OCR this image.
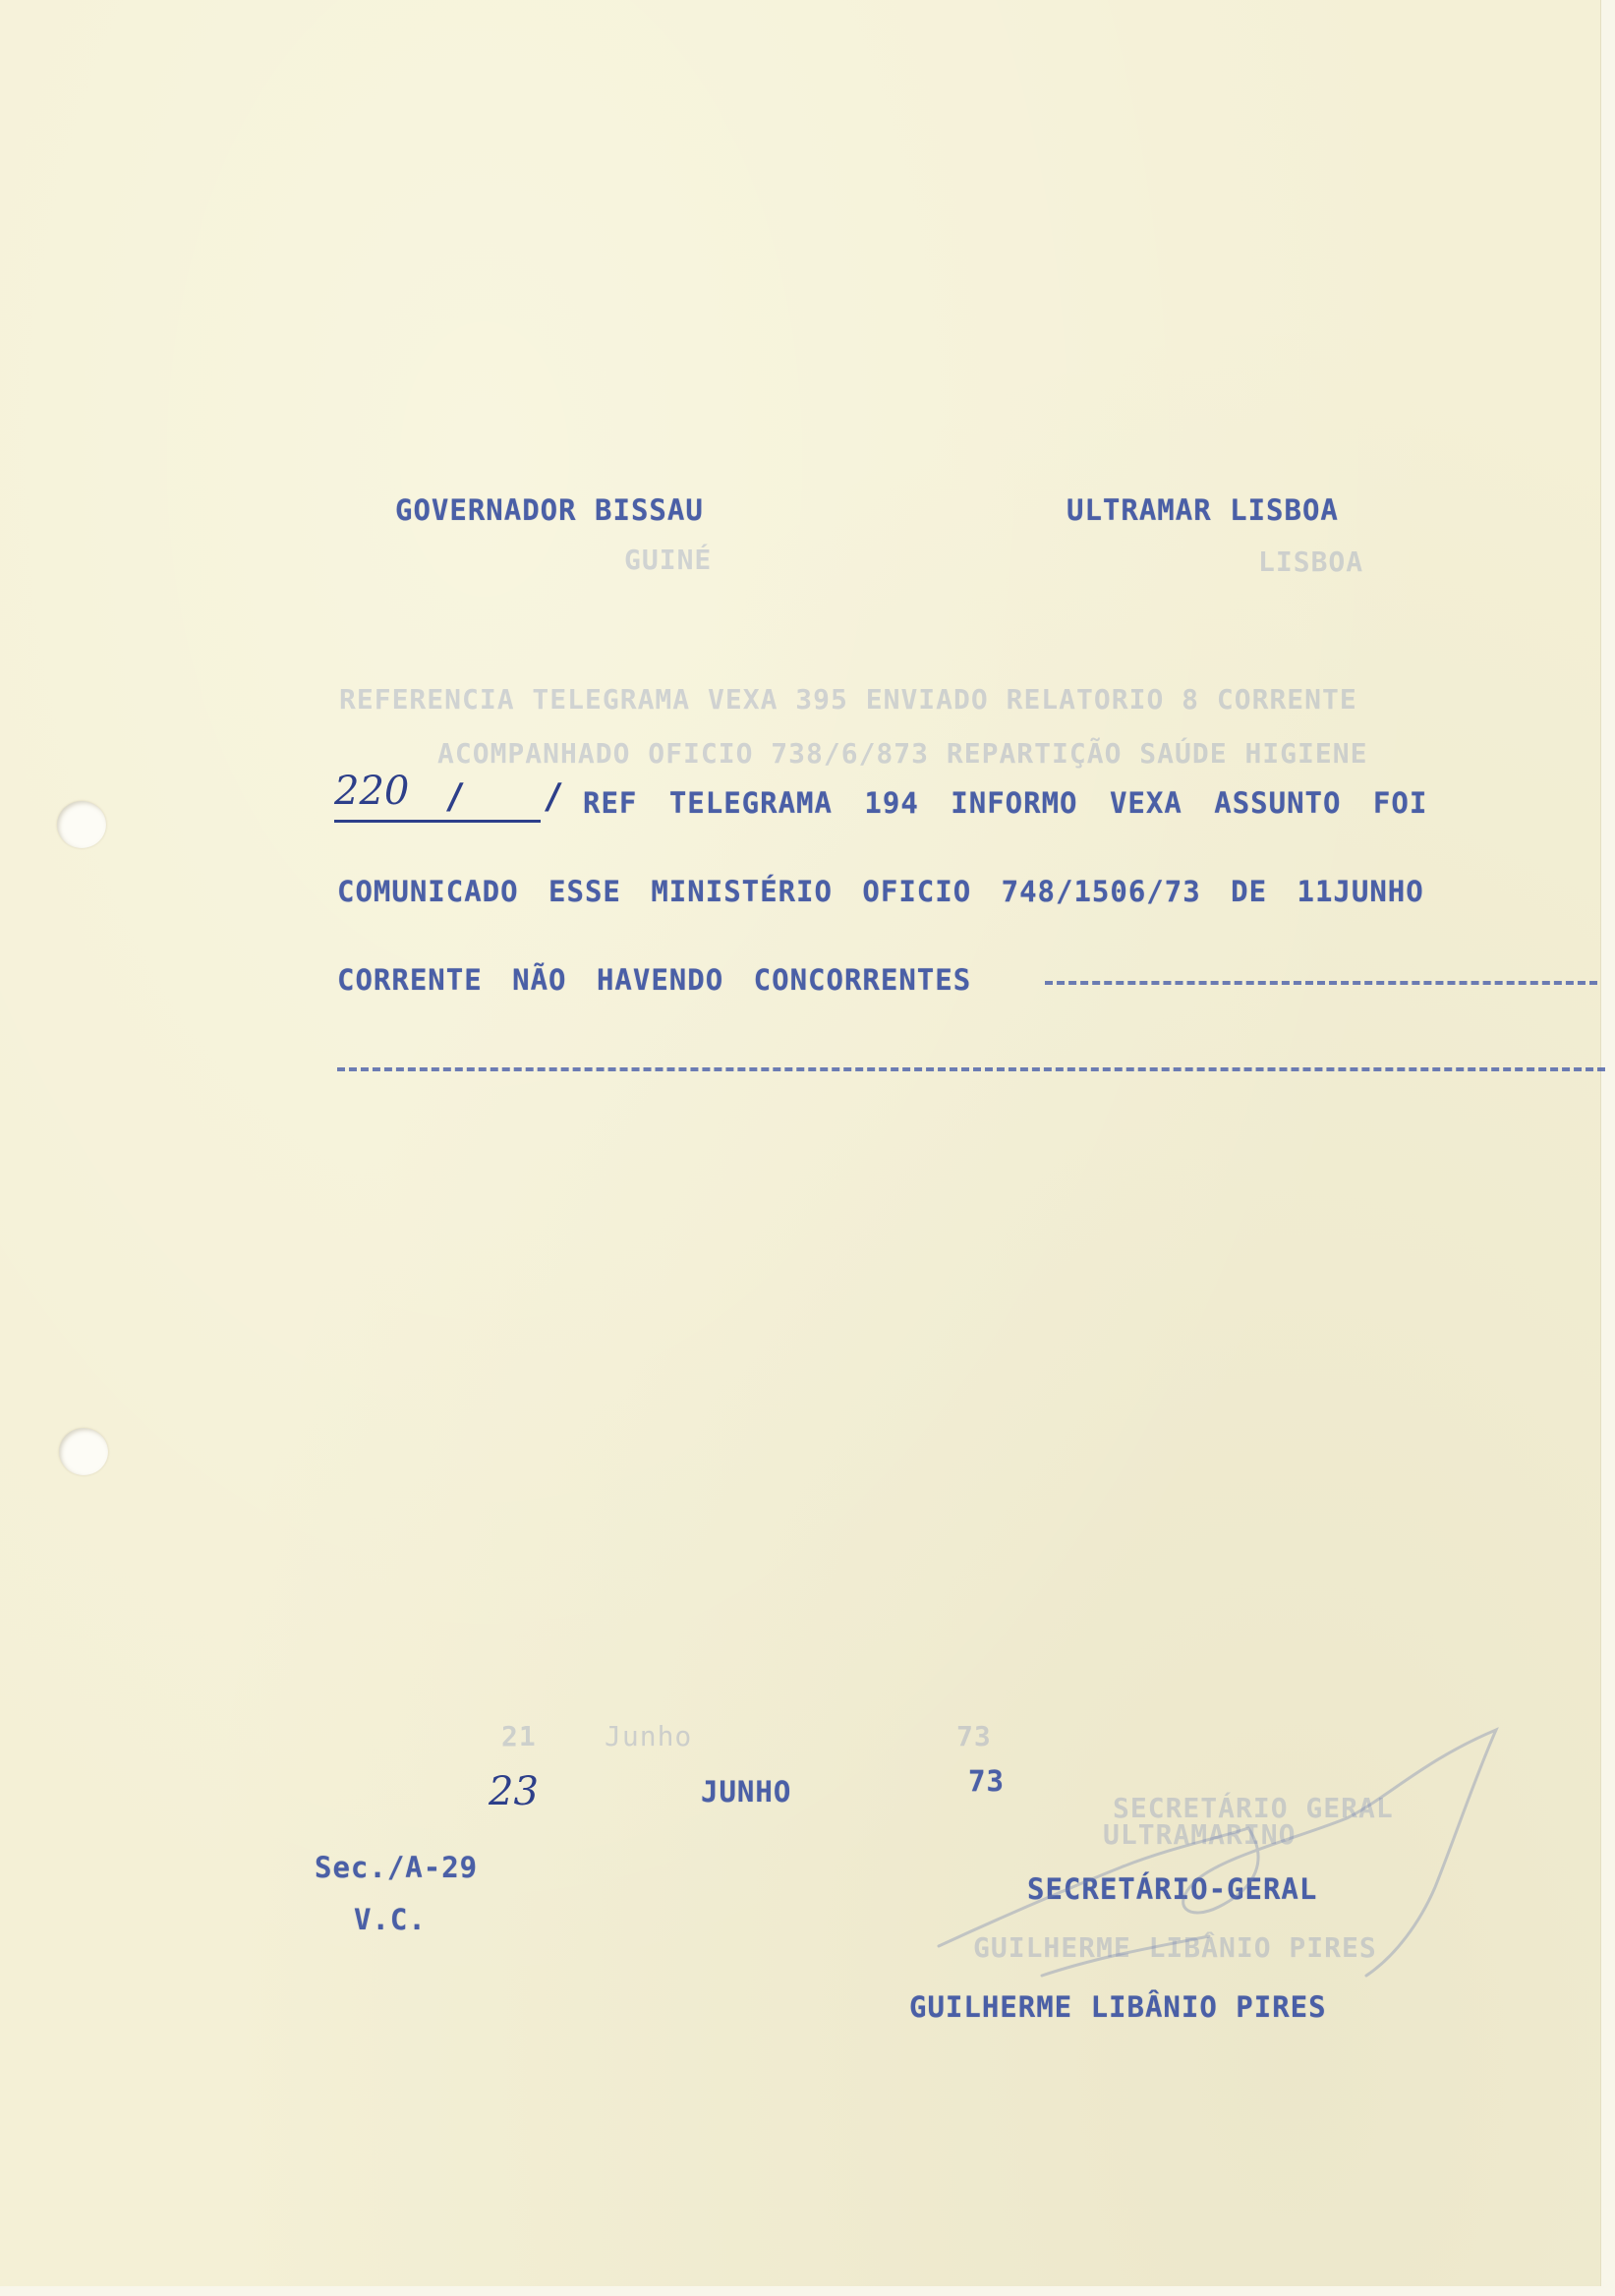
GOVERNADOR BISSAU	ULTRAMAR LISBOA
GUINÉ	LISBOA
REFERENCIA TELEGRAMA VEXA 395 ENVIADO RELATORIO 8 CORRENTE
ACOMPANHADO OFICIO 738/6/873 REPARTIÇÃO SAÚDE HIGIENE
220 / / REF TELEGRAMA 194 INFORMO VEXA ASSUNTO FOI
COMUNICADO ESSE MINISTÉRIO OFICIO 748/1506/73 DE 11JUNHO
CORRENTE NÃO HAVENDO CONCORRENTES
21 Junho	73
23	JUNHO	73
Sec./A-29
V.C.
SECRETÁRIO GERAL
ULTRAMARINO
GUILHERME LIBÂNIO PIRES
SECRETÁRIO-GERAL
GUILHERME LIBÂNIO PIRES
